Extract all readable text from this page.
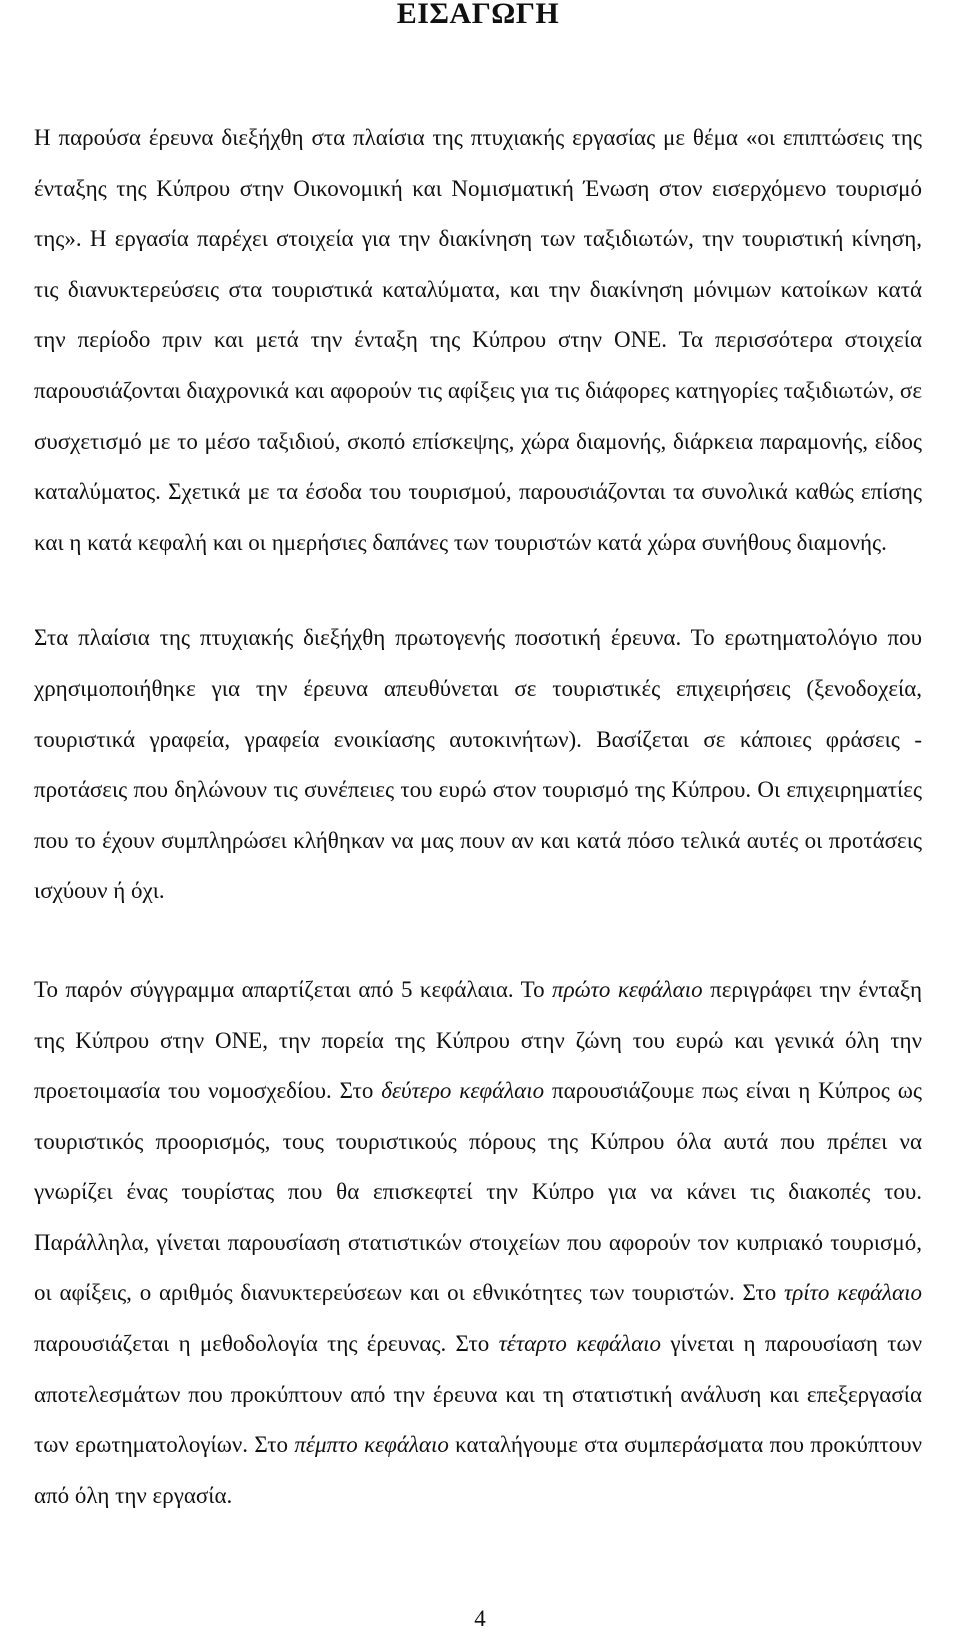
ΕΙΣΑΓΩΓΗ

Η παρούσα έρευνα διεξήχθη στα πλαίσια της πτυχιακής εργασίας με θέμα «οι επιπτώσεις της ένταξης της Κύπρου στην Οικονομική και Νομισματική Ένωση στον εισερχόμενο τουρισμό της». Η εργασία παρέχει στοιχεία για την διακίνηση των ταξιδιωτών, την τουριστική κίνηση, τις διανυκτερεύσεις στα τουριστικά καταλύματα, και την διακίνηση μόνιμων κατοίκων κατά την περίοδο πριν και μετά την ένταξη της Κύπρου στην ΟΝΕ. Τα περισσότερα στοιχεία παρουσιάζονται διαχρονικά και αφορούν τις αφίξεις για τις διάφορες κατηγορίες ταξιδιωτών, σε συσχετισμό με το μέσο ταξιδιού, σκοπό επίσκεψης, χώρα διαμονής, διάρκεια παραμονής, είδος καταλύματος. Σχετικά με τα έσοδα του τουρισμού, παρουσιάζονται τα συνολικά καθώς επίσης και η κατά κεφαλή και οι ημερήσιες δαπάνες των τουριστών κατά χώρα συνήθους διαμονής.

Στα πλαίσια της πτυχιακής διεξήχθη πρωτογενής ποσοτική έρευνα. Το ερωτηματολόγιο που χρησιμοποιήθηκε για την έρευνα απευθύνεται σε τουριστικές επιχειρήσεις (ξενοδοχεία, τουριστικά γραφεία, γραφεία ενοικίασης αυτοκινήτων). Βασίζεται σε κάποιες φράσεις - προτάσεις που δηλώνουν τις συνέπειες του ευρώ στον τουρισμό της Κύπρου. Οι επιχειρηματίες που το έχουν συμπληρώσει κλήθηκαν να μας πουν αν και κατά πόσο τελικά αυτές οι προτάσεις ισχύουν ή όχι.

Το παρόν σύγγραμμα απαρτίζεται από 5 κεφάλαια. Το πρώτο κεφάλαιο περιγράφει την ένταξη της Κύπρου στην ΟΝΕ, την πορεία της Κύπρου στην ζώνη του ευρώ και γενικά όλη την προετοιμασία του νομοσχεδίου. Στο δεύτερο κεφάλαιο παρουσιάζουμε πως είναι η Κύπρος ως τουριστικός προορισμός, τους τουριστικούς πόρους της Κύπρου όλα αυτά που πρέπει να γνωρίζει ένας τουρίστας που θα επισκεφτεί την Κύπρο για να κάνει τις διακοπές του. Παράλληλα, γίνεται παρουσίαση στατιστικών στοιχείων που αφορούν τον κυπριακό τουρισμό, οι αφίξεις, ο αριθμός διανυκτερεύσεων και οι εθνικότητες των τουριστών. Στο τρίτο κεφάλαιο παρουσιάζεται η μεθοδολογία της έρευνας. Στο τέταρτο κεφάλαιο γίνεται η παρουσίαση των αποτελεσμάτων που προκύπτουν από την έρευνα και τη στατιστική ανάλυση και επεξεργασία των ερωτηματολογίων. Στο πέμπτο κεφάλαιο καταλήγουμε στα συμπεράσματα που προκύπτουν από όλη την εργασία.

4
